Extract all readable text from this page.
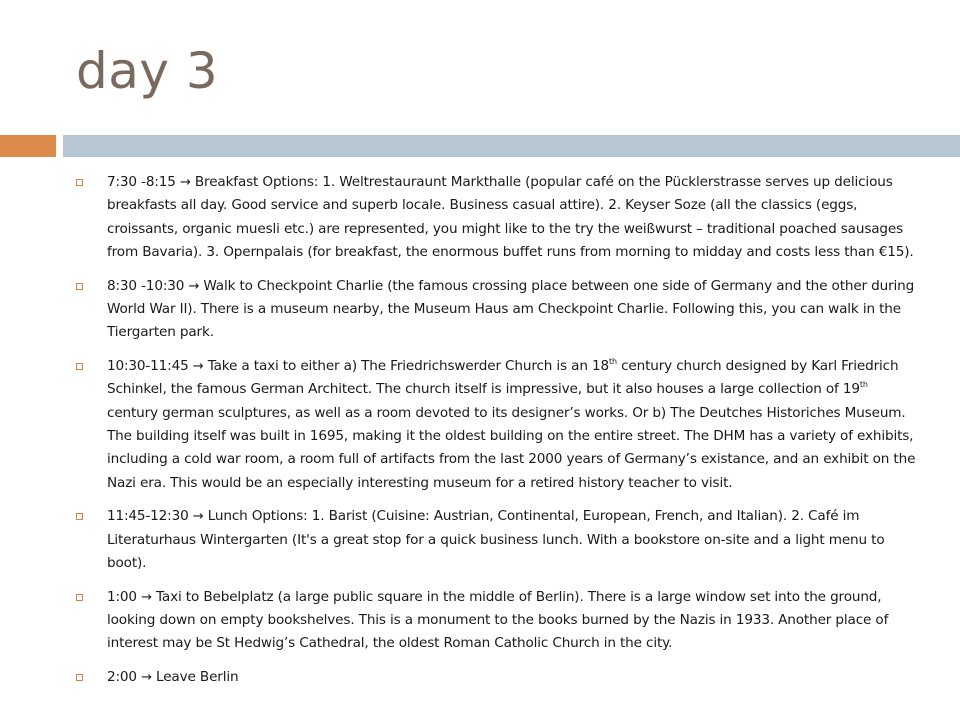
day 3
7:30 -8:15 → Breakfast Options: 1. Weltrestauraunt Markthalle (popular café on the Pücklerstrasse serves up delicious breakfasts all day. Good service and superb locale. Business casual attire). 2. Keyser Soze (all the classics (eggs, croissants, organic muesli etc.) are represented, you might like to the try the weißwurst – traditional poached sausages from Bavaria). 3. Opernpalais (for breakfast, the enormous buffet runs from morning to midday and costs less than €15).
8:30 -10:30 → Walk to Checkpoint Charlie (the famous crossing place between one side of Germany and the other during World War II). There is a museum nearby, the Museum Haus am Checkpoint Charlie. Following this, you can walk in the Tiergarten park.
10:30-11:45 → Take a taxi to either a) The Friedrichswerder Church is an 18th century church designed by Karl Friedrich Schinkel, the famous German Architect. The church itself is impressive, but it also houses a large collection of 19th century german sculptures, as well as a room devoted to its designer’s works. Or b) The Deutches Historiches Museum. The building itself was built in 1695, making it the oldest building on the entire street. The DHM has a variety of exhibits, including a cold war room, a room full of artifacts from the last 2000 years of Germany’s existance, and an exhibit on the Nazi era. This would be an especially interesting museum for a retired history teacher to visit.
11:45-12:30 → Lunch Options: 1. Barist (Cuisine: Austrian, Continental, European, French, and Italian). 2. Café im Literaturhaus Wintergarten (It's a great stop for a quick business lunch. With a bookstore on-site and a light menu to boot).
1:00 → Taxi to Bebelplatz (a large public square in the middle of Berlin). There is a large window set into the ground, looking down on empty bookshelves. This is a monument to the books burned by the Nazis in 1933. Another place of interest may be St Hedwig’s Cathedral, the oldest Roman Catholic Church in the city.
2:00 → Leave Berlin
